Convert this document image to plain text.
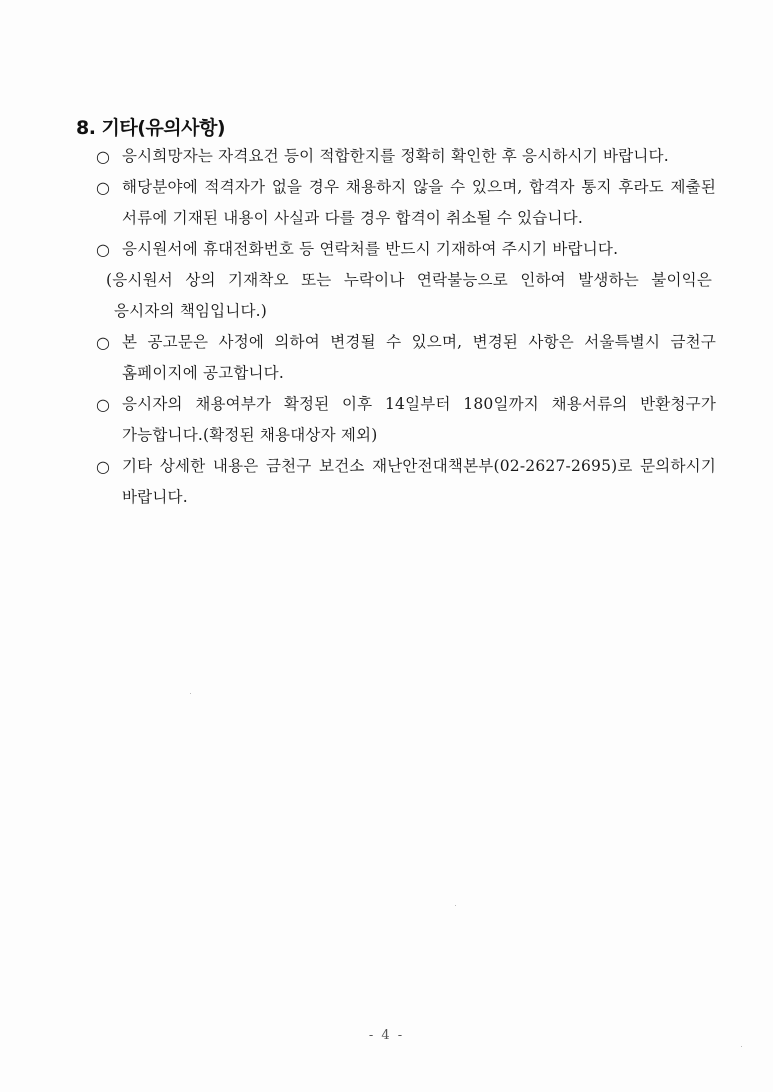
8. 기타(유의사항)
○ 응시희망자는 자격요건 등이 적합한지를 정확히 확인한 후 응시하시기 바랍니다.
○ 해당분야에 적격자가 없을 경우 채용하지 않을 수 있으며, 합격자 통지 후라도 제출된 서류에 기재된 내용이 사실과 다를 경우 합격이 취소될 수 있습니다.
○ 응시원서에 휴대전화번호 등 연락처를 반드시 기재하여 주시기 바랍니다.
(응시원서 상의 기재착오 또는 누락이나 연락불능으로 인하여 발생하는 불이익은 응시자의 책임입니다.)
○ 본 공고문은 사정에 의하여 변경될 수 있으며, 변경된 사항은 서울특별시 금천구 홈페이지에 공고합니다.
○ 응시자의 채용여부가 확정된 이후 14일부터 180일까지 채용서류의 반환청구가 가능합니다.(확정된 채용대상자 제외)
○ 기타 상세한 내용은 금천구 보건소 재난안전대책본부(02-2627-2695)로 문의하시기 바랍니다.
- 4 -
